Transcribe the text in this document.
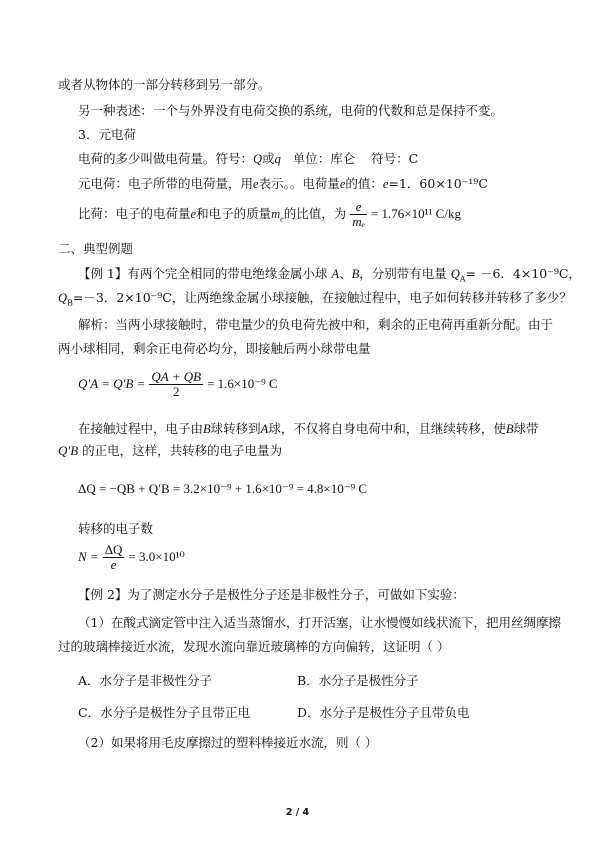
或者从物体的一部分转移到另一部分。
另一种表述：一个与外界没有电荷交换的系统，电荷的代数和总是保持不变。
3．元电荷
电荷的多少叫做电荷量。符号：Q或q 单位：库仑 符号：C
元电荷：电子所带的电荷量，用e表示。。电荷量e的值：e=1．60×10⁻¹⁹C
比荷：电子的电荷量e和电子的质量$m_e$的比值，为 $\frac{e}{\text{mₑ}} = 1.76\times 10^{11}$ C/kg
二、典型例题
【例 1】有两个完全相同的带电绝缘金属小球 A、B，分别带有电量 $Q_A= -6$．4×10⁻⁹C，
$Q_B=-3$．2×10⁻⁹C，让两绝缘金属小球接触，在接触过程中，电子如何转移并转移了多少？
解析：当两小球接触时，带电量少的负电荷先被中和，剩余的正电荷再重新分配。由于
两小球相同，剩余正电荷必均分，即接触后两小球带电量
$Q'A = Q'B = \frac{QA + QB}{2} = 1.6\times 10^{-9}$ C
在接触过程中，电子由B球转移到A球，不仅将自身电荷中和，且继续转移，使B球带
Q′B 的正电，这样，共转移的电子电量为
ΔQ = −QB + Q′B = 3.2×10⁻⁹ + 1.6×10⁻⁹ = 4.8×10⁻⁹ C
转移的电子数
$N = \frac{\Delta Q}{e} = 3.0\times 10^{10}$
【例 2】为了测定水分子是极性分子还是非极性分子，可做如下实验：
（1）在酸式滴定管中注入适当蒸馏水，打开活塞，让水慢慢如线状流下，把用丝绸摩擦
过的玻璃棒接近水流，发现水流向靠近玻璃棒的方向偏转，这证明（ ）
A．水分子是非极性分子	B．水分子是极性分子
C．水分子是极性分子且带正电	D．水分子是极性分子且带负电
（2）如果将用毛皮摩擦过的塑料棒接近水流，则（ ）
2 / 4
